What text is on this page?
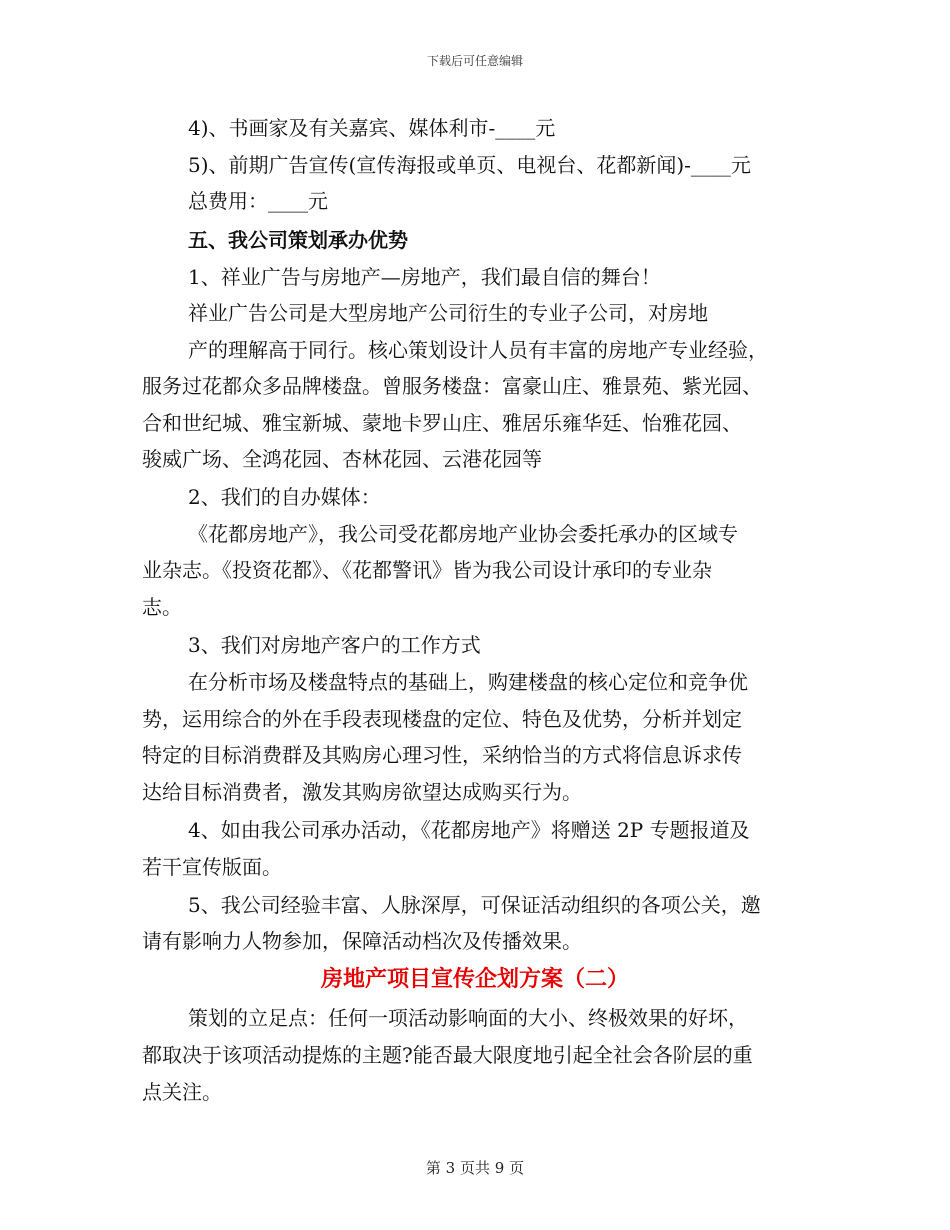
下载后可任意编辑
4)、书画家及有关嘉宾、媒体利市-____元
5)、前期广告宣传(宣传海报或单页、电视台、花都新闻)-____元
总费用：____元
五、我公司策划承办优势
1、祥业广告与房地产—房地产，我们最自信的舞台！
祥业广告公司是大型房地产公司衍生的专业子公司，对房地
产的理解高于同行。核心策划设计人员有丰富的房地产专业经验，
服务过花都众多品牌楼盘。曾服务楼盘：富豪山庄、雅景苑、紫光园、
合和世纪城、雅宝新城、蒙地卡罗山庄、雅居乐雍华廷、怡雅花园、
骏威广场、全鸿花园、杏林花园、云港花园等
2、我们的自办媒体：
《花都房地产》，我公司受花都房地产业协会委托承办的区域专
业杂志。《投资花都》、《花都警讯》皆为我公司设计承印的专业杂
志。
3、我们对房地产客户的工作方式
在分析市场及楼盘特点的基础上，购建楼盘的核心定位和竞争优
势，运用综合的外在手段表现楼盘的定位、特色及优势，分析并划定
特定的目标消费群及其购房心理习性，采纳恰当的方式将信息诉求传
达给目标消费者，激发其购房欲望达成购买行为。
4、如由我公司承办活动，《花都房地产》将赠送 2P 专题报道及
若干宣传版面。
5、我公司经验丰富、人脉深厚，可保证活动组织的各项公关，邀
请有影响力人物参加，保障活动档次及传播效果。
房地产项目宣传企划方案（二）
策划的立足点：任何一项活动影响面的大小、终极效果的好坏，
都取决于该项活动提炼的主题?能否最大限度地引起全社会各阶层的重
点关注。
第 3 页共 9 页
